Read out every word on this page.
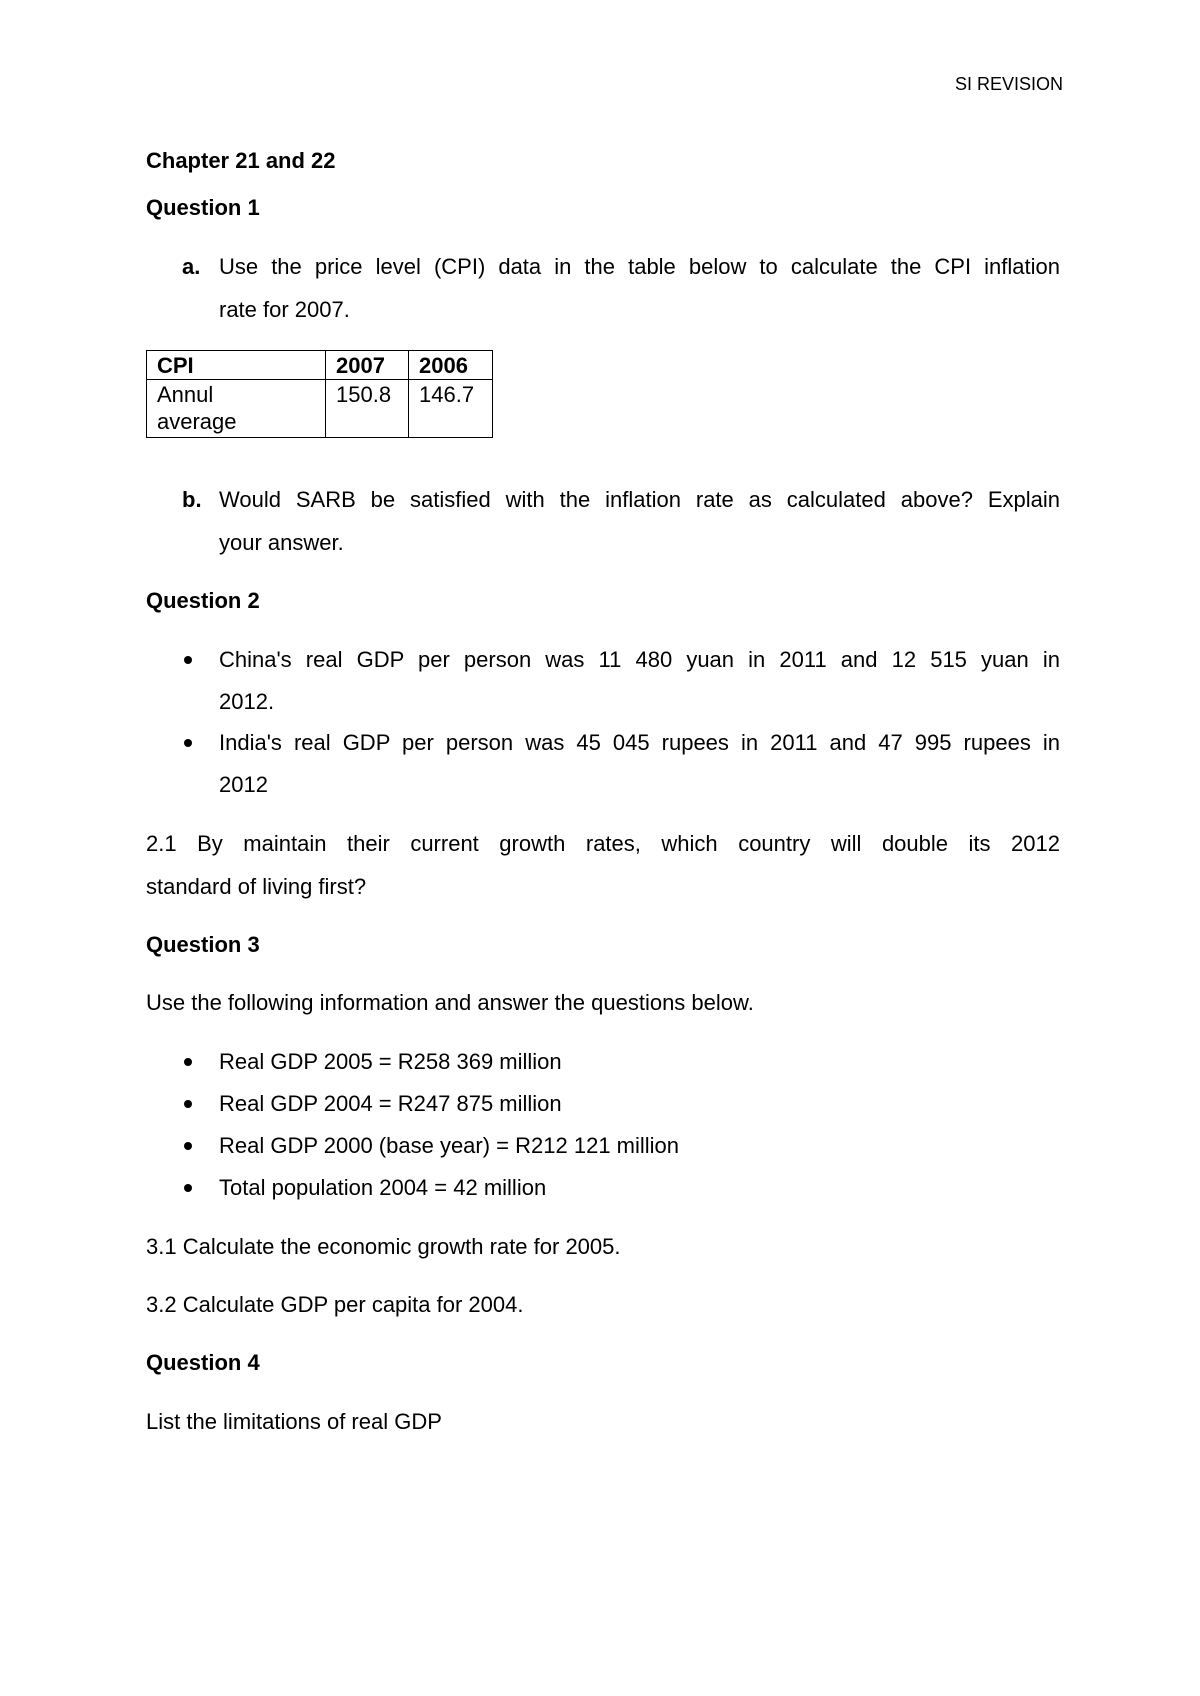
SI REVISION
Chapter 21 and 22
Question 1
a. Use the price level (CPI) data in the table below to calculate the CPI inflation
rate for 2007.
CPI	2007	2006

Annul
average	150.8	146.7
b. Would SARB be satisfied with the inflation rate as calculated above? Explain
your answer.
Question 2
China's real GDP per person was 11 480 yuan in 2011 and 12 515 yuan in
2012.
India's real GDP per person was 45 045 rupees in 2011 and 47 995 rupees in
2012
2.1 By maintain their current growth rates, which country will double its 2012
standard of living first?
Question 3
Use the following information and answer the questions below.
Real GDP 2005 = R258 369 million
Real GDP 2004 = R247 875 million
Real GDP 2000 (base year) = R212 121 million
Total population 2004 = 42 million
3.1 Calculate the economic growth rate for 2005.
3.2 Calculate GDP per capita for 2004.
Question 4
List the limitations of real GDP
